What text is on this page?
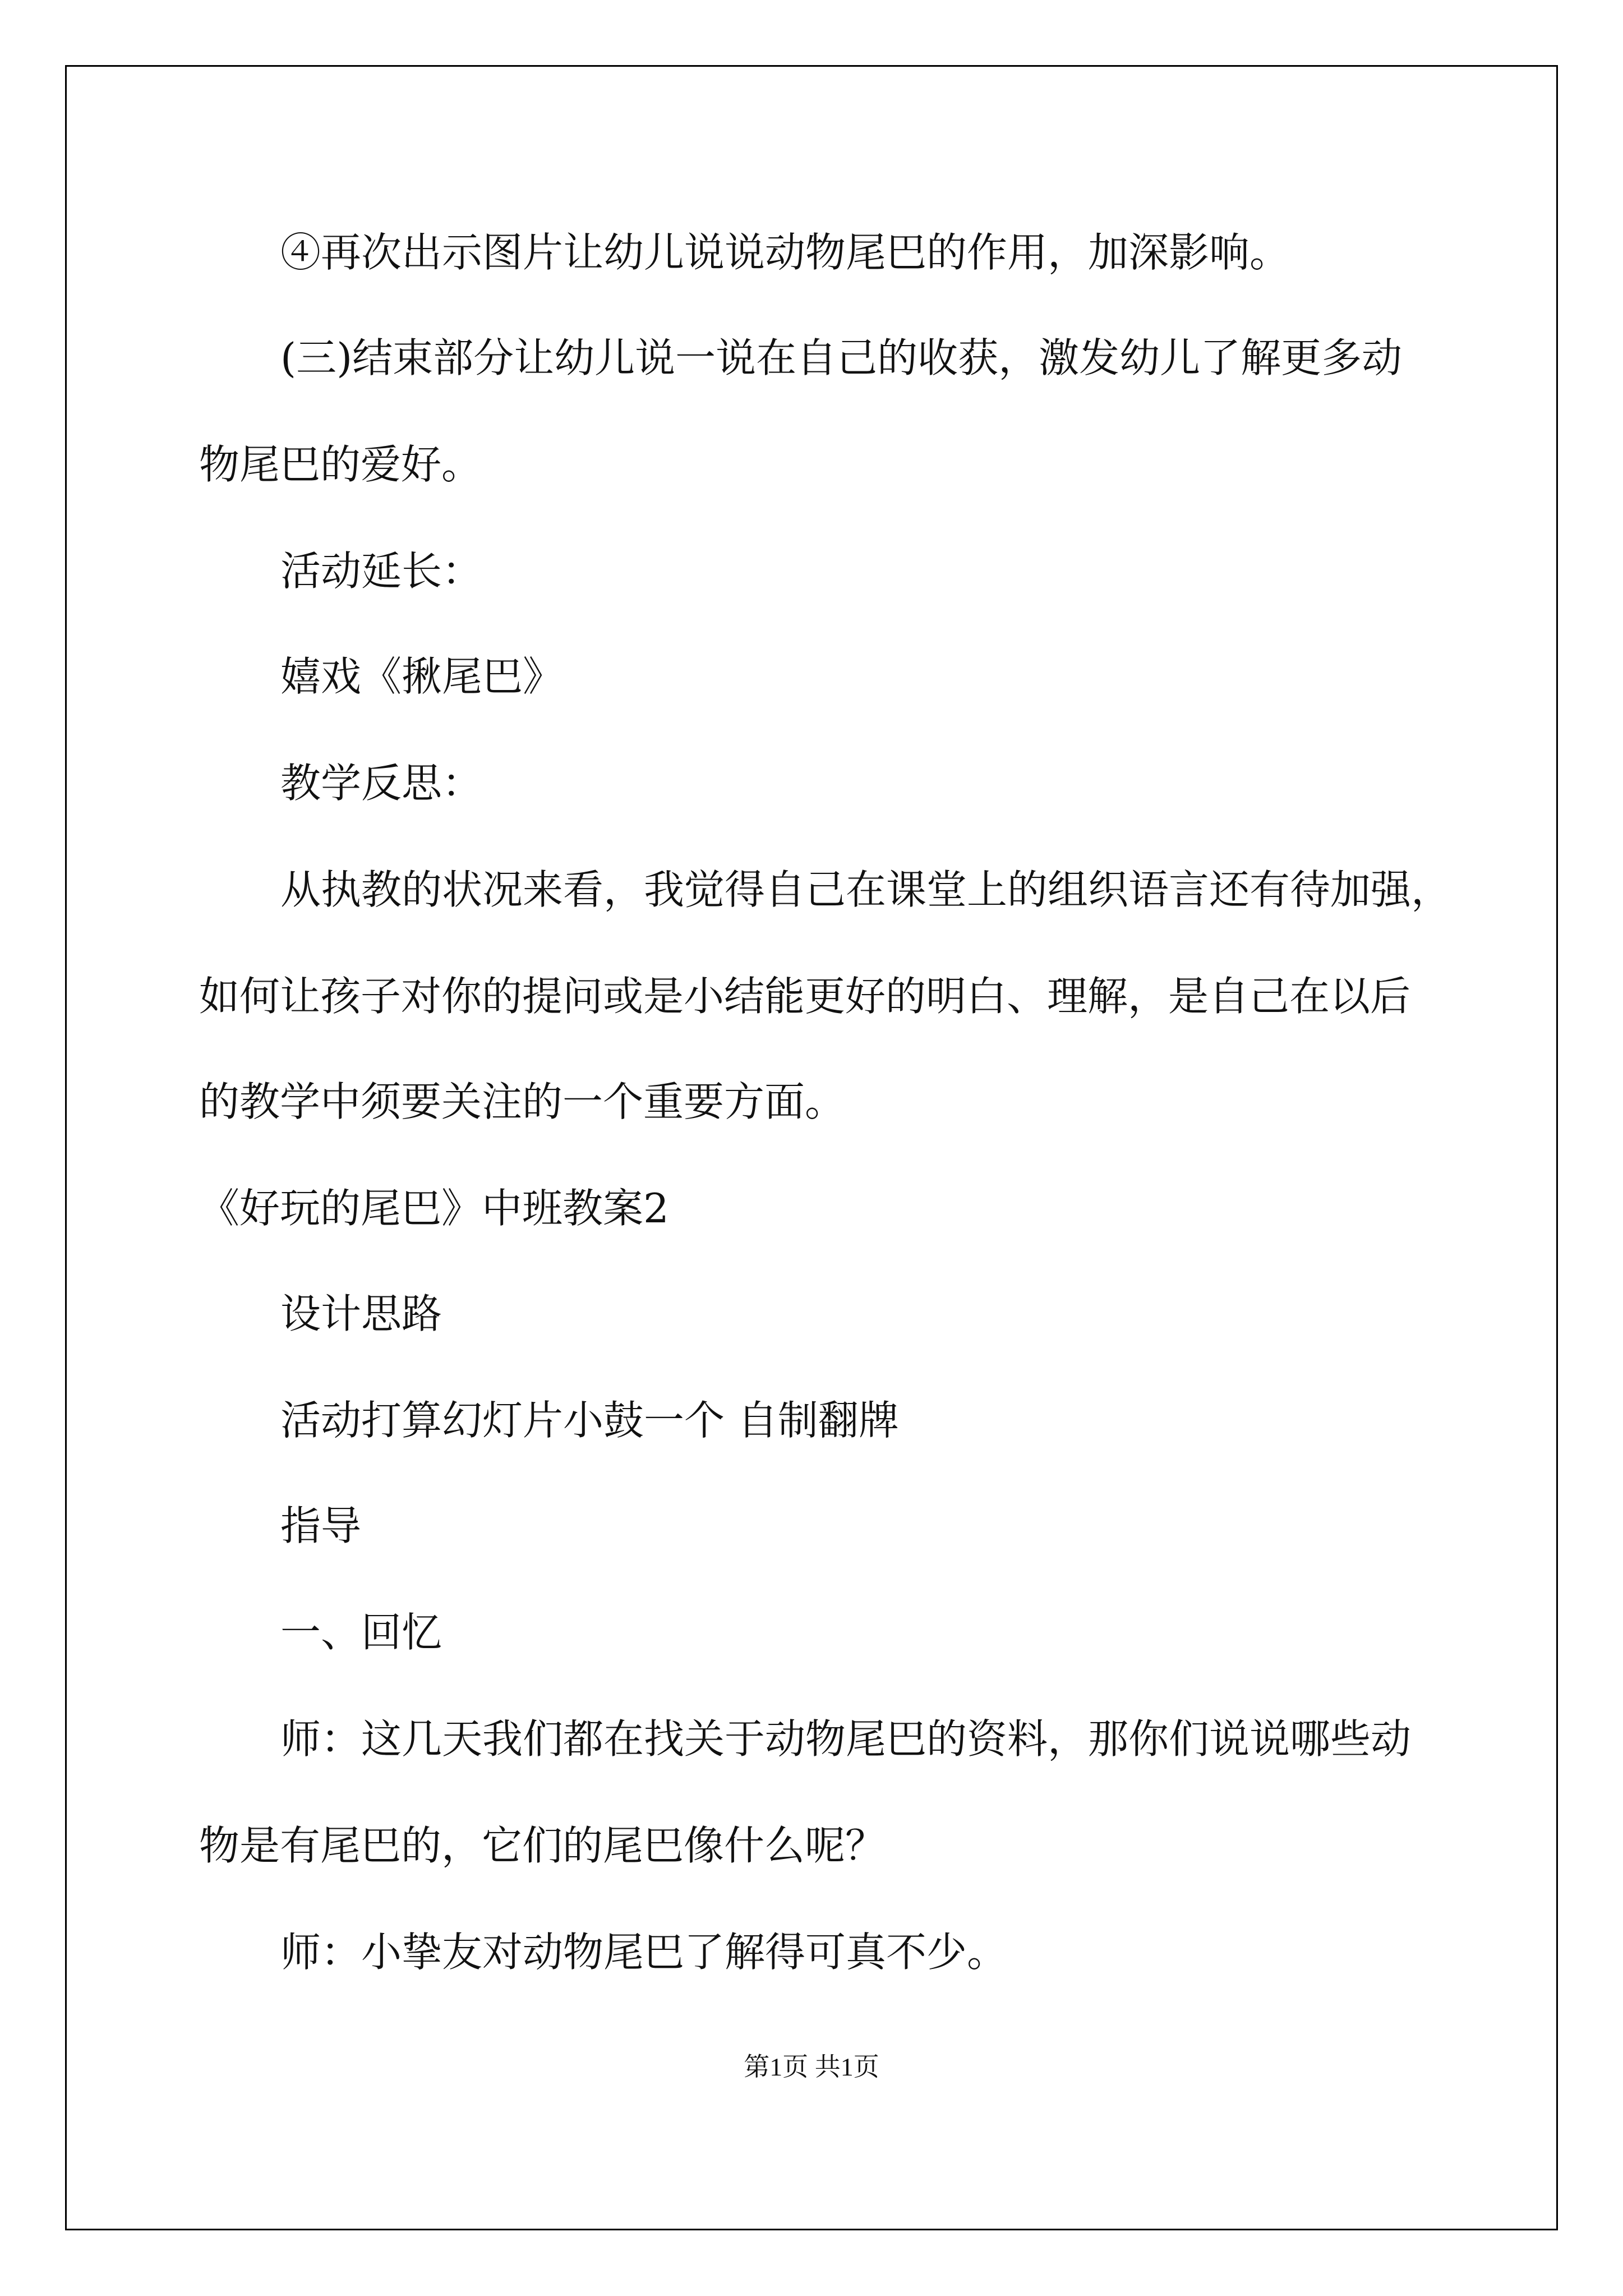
④再次出示图片让幼儿说说动物尾巴的作用，加深影响。
(三)结束部分让幼儿说一说在自己的收获，激发幼儿了解更多动
物尾巴的爱好。
活动延长：
嬉戏《揪尾巴》
教学反思：
从执教的状况来看，我觉得自己在课堂上的组织语言还有待加强，
如何让孩子对你的提问或是小结能更好的明白、理解，是自己在以后
的教学中须要关注的一个重要方面。
《好玩的尾巴》中班教案2
设计思路
活动打算幻灯片小鼓一个 自制翻牌
指导
一、回忆
师：这几天我们都在找关于动物尾巴的资料，那你们说说哪些动
物是有尾巴的，它们的尾巴像什么呢？
师：小挚友对动物尾巴了解得可真不少。
第1页 共1页
